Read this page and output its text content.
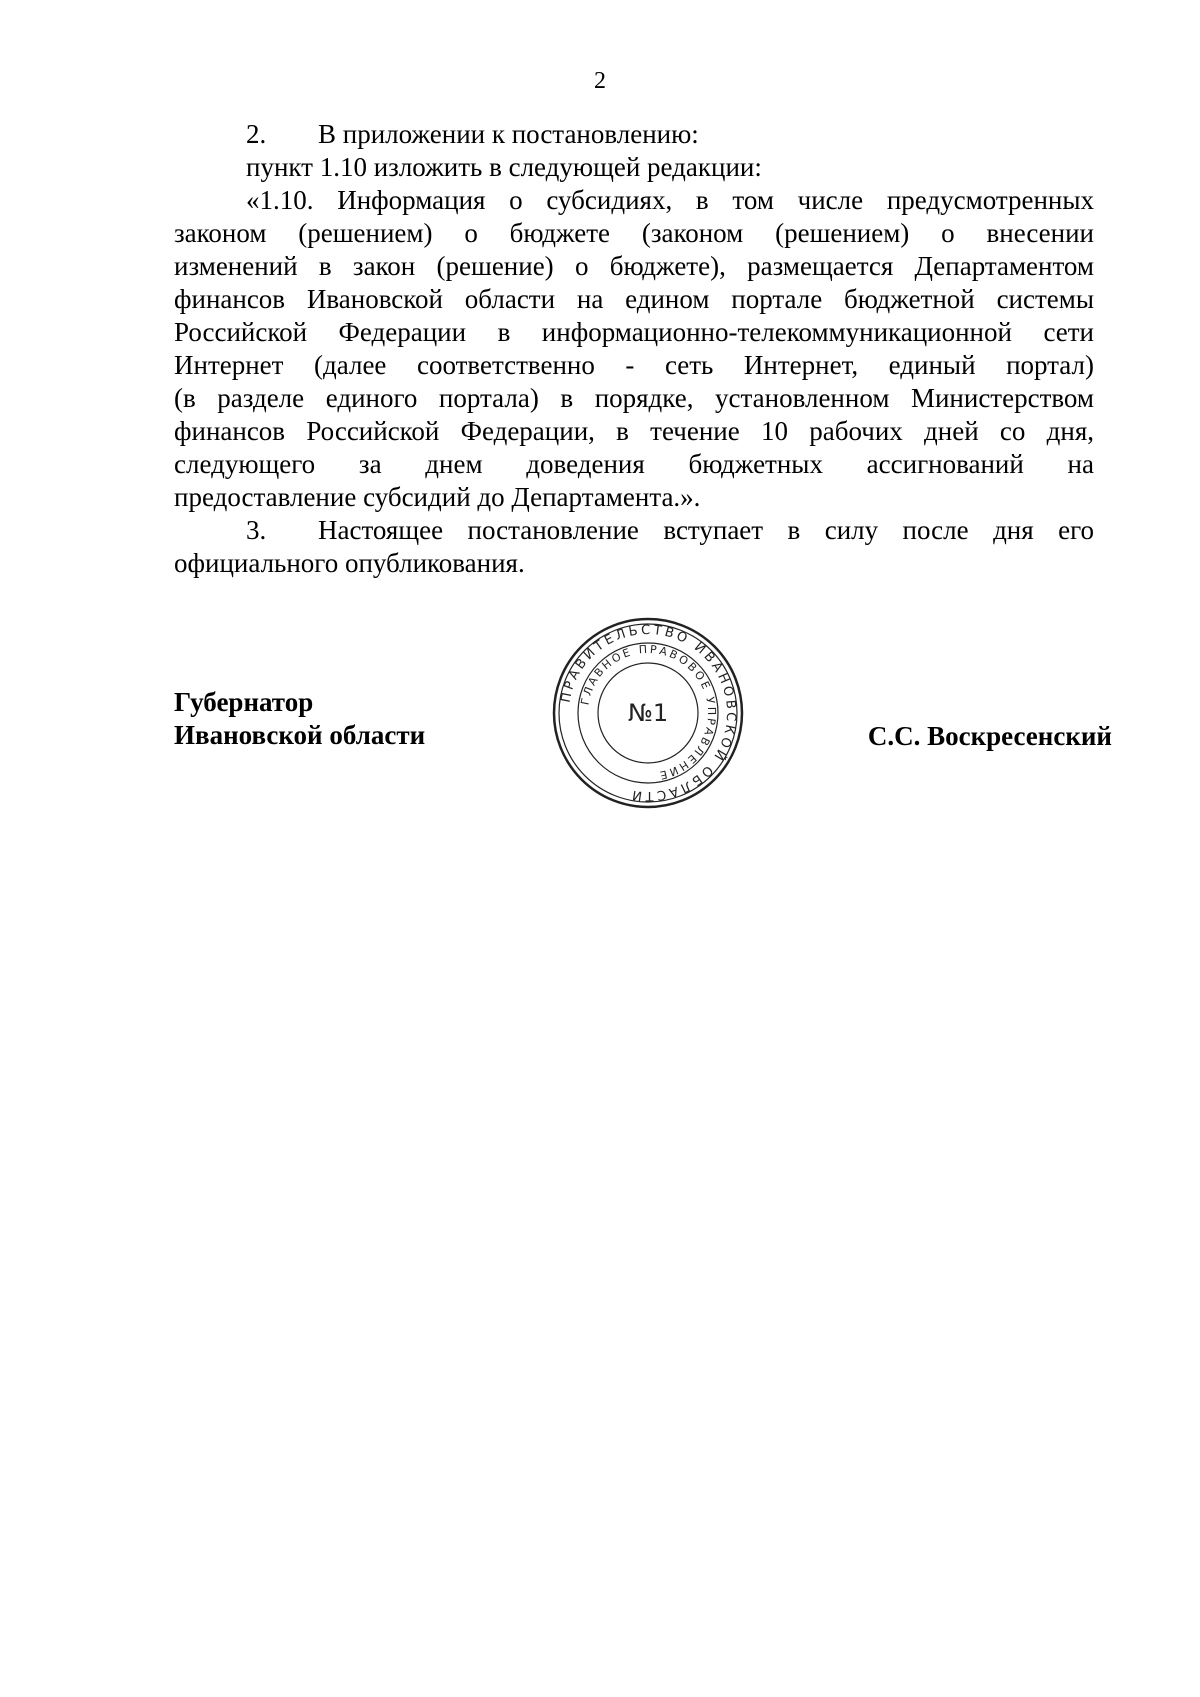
2
2.	В приложении к постановлению:

пункт 1.10 изложить в следующей редакции:

«1.10. Информация о субсидиях, в том числе предусмотренных

законом (решением) о бюджете (законом (решением) о внесении

изменений в закон (решение) о бюджете), размещается Департаментом

финансов Ивановской области на едином портале бюджетной системы

Российской Федерации в информационно-телекоммуникационной сети

Интернет (далее соответственно - сеть Интернет, единый портал)

(в разделе единого портала) в порядке, установленном Министерством

финансов Российской Федерации, в течение 10 рабочих дней со дня,

следующего за днем доведения бюджетных ассигнований на

предоставление субсидий до Департамента.».

3.	Настоящее постановление вступает в силу после дня его

официального опубликования.

Губернатор
Ивановской области
ПРАВИТЕЛЬСТВО ИВАНОВСКОЙ ОБЛАСТИ
ГЛАВНОЕ ПРАВОВОЕ УПРАВЛЕНИЕ
№1
С.С. Воскресенский
